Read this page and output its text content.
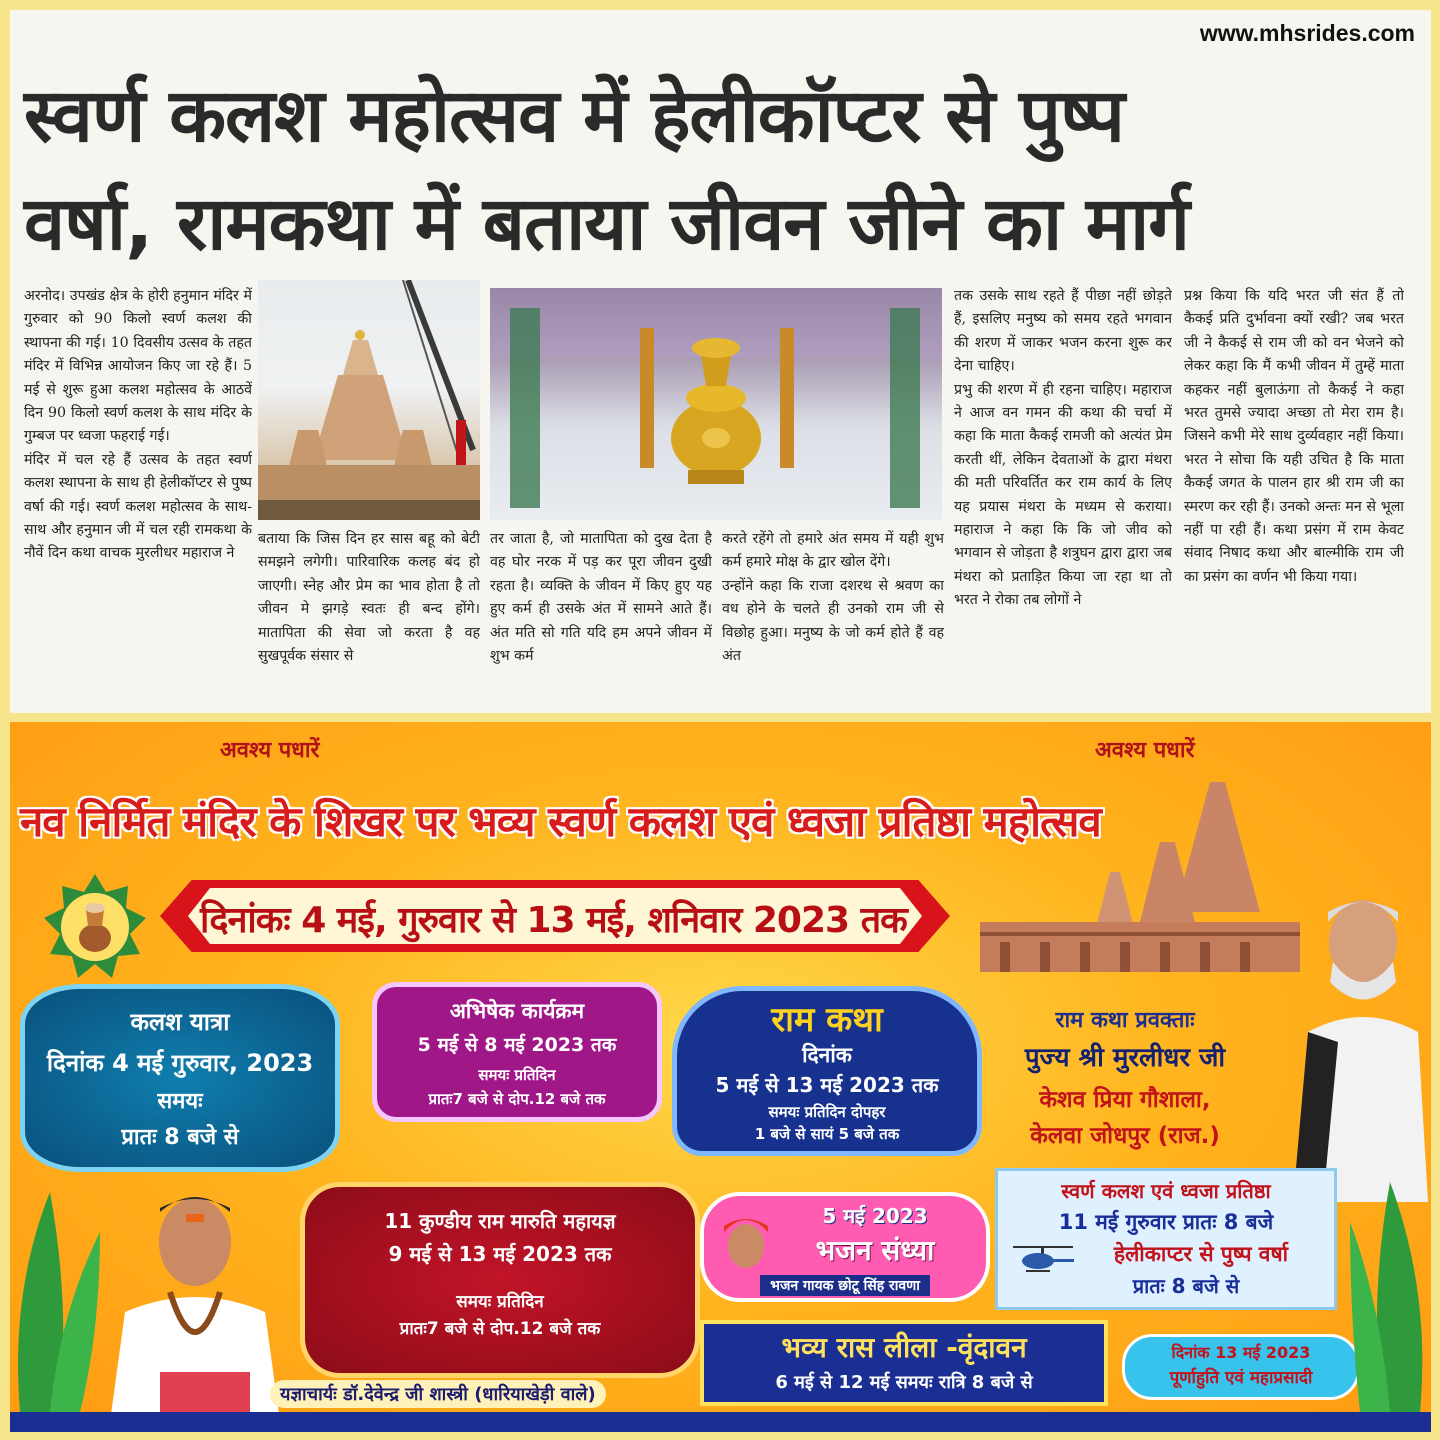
www.mhsrides.com
स्वर्ण कलश महोत्सव में हेलीकॉप्टर से पुष्प
वर्षा, रामकथा में बताया जीवन जीने का मार्ग

अरनोद। उपखंड क्षेत्र के होरी हनुमान मंदिर में गुरुवार को 90 किलो स्वर्ण कलश की स्थापना की गई। 10 दिवसीय उत्सव के तहत मंदिर में विभिन्न आयोजन किए जा रहे हैं। 5 मई से शुरू हुआ कलश महोत्सव के आठवें दिन 90 किलो स्वर्ण कलश के साथ मंदिर के गुम्बज पर ध्वजा फहराई गई।

मंदिर में चल रहे हैं उत्सव के तहत स्वर्ण कलश स्थापना के साथ ही हेलीकॉप्टर से पुष्प वर्षा की गई। स्वर्ण कलश महोत्सव के साथ-साथ और हनुमान जी में चल रही रामकथा के नौवें दिन कथा वाचक मुरलीधर महाराज ने

बताया कि जिस दिन हर सास बहू को बेटी समझने लगेगी। पारिवारिक कलह बंद हो जाएगी। स्नेह और प्रेम का भाव होता है तो जीवन मे झगड़े स्वतः ही बन्द होंगे। मातापिता की सेवा जो करता है वह सुखपूर्वक संसार से

तर जाता है, जो मातापिता को दुख देता है वह घोर नरक में पड़ कर पूरा जीवन दुखी रहता है। व्यक्ति के जीवन में किए हुए यह हुए कर्म ही उसके अंत में सामने आते हैं। अंत मति सो गति यदि हम अपने जीवन में शुभ कर्म

करते रहेंगे तो हमारे अंत समय में यही शुभ कर्म हमारे मोक्ष के द्वार खोल देंगे।

उन्होंने कहा कि राजा दशरथ से श्रवण का वध होने के चलते ही उनको राम जी से विछोह हुआ। मनुष्य के जो कर्म होते हैं वह अंत

तक उसके साथ रहते हैं पीछा नहीं छोड़ते हैं, इसलिए मनुष्य को समय रहते भगवान की शरण में जाकर भजन करना शुरू कर देना चाहिए।

प्रभु की शरण में ही रहना चाहिए। महाराज ने आज वन गमन की कथा की चर्चा में कहा कि माता कैकई रामजी को अत्यंत प्रेम करती थीं, लेकिन देवताओं के द्वारा मंथरा की मती परिवर्तित कर राम कार्य के लिए यह प्रयास मंथरा के मध्यम से कराया। महाराज ने कहा कि कि जो जीव को भगवान से जोड़ता है शत्रुघन द्वारा द्वारा जब मंथरा को प्रताड़ित किया जा रहा था तो भरत ने रोका तब लोगों ने

प्रश्न किया कि यदि भरत जी संत हैं तो कैकई प्रति दुर्भावना क्यों रखी? जब भरत जी ने कैकई से राम जी को वन भेजने को लेकर कहा कि मैं कभी जीवन में तुम्हें माता कहकर नहीं बुलाऊंगा तो कैकई ने कहा भरत तुमसे ज्यादा अच्छा तो मेरा राम है। जिसने कभी मेरे साथ दुर्व्यवहार नहीं किया। भरत ने सोचा कि यही उचित है कि माता कैकई जगत के पालन हार श्री राम जी का स्मरण कर रही हैं। उनको अन्तः मन से भूला नहीं पा रही हैं। कथा प्रसंग में राम केवट संवाद निषाद कथा और बाल्मीकि राम जी का प्रसंग का वर्णन भी किया गया।

अवश्य पधारें	अवश्य पधारें
नव निर्मित मंदिर के शिखर पर भव्य स्वर्ण कलश एवं ध्वजा प्रतिष्ठा महोत्सव
दिनांकः 4 मई, गुरुवार से 13 मई, शनिवार 2023 तक
कलश यात्रा
दिनांक 4 मई गुरुवार, 2023
समयः
प्रातः 8 बजे से
अभिषेक कार्यक्रम
5 मई से 8 मई 2023 तक
समयः प्रतिदिन
प्रातः7 बजे से दोप.12 बजे तक
राम कथा
दिनांक
5 मई से 13 मई 2023 तक
समयः प्रतिदिन दोपहर
1 बजे से सायं 5 बजे तक
राम कथा प्रवक्ताः
पुज्य श्री मुरलीधर जी
केशव प्रिया गौशाला,
केलवा जोधपुर (राज.)
स्वर्ण कलश एवं ध्वजा प्रतिष्ठा
11 मई गुरुवार प्रातः 8 बजे
हेलीकाप्टर से पुष्प वर्षा
प्रातः 8 बजे से
11 कुण्डीय राम मारुति महायज्ञ
9 मई से 13 मई 2023 तक
समयः प्रतिदिन
प्रातः7 बजे से दोप.12 बजे तक
5 मई 2023
भजन संध्या
भजन गायक छोटू सिंह रावणा
भव्य रास लीला -वृंदावन
6 मई से 12 मई समयः रात्रि 8 बजे से
दिनांक 13 मई 2023
पूर्णाहुति एवं महाप्रसादी
यज्ञाचार्यः डॉ.देवेन्द्र जी शास्त्री (धारियाखेड़ी वाले)
